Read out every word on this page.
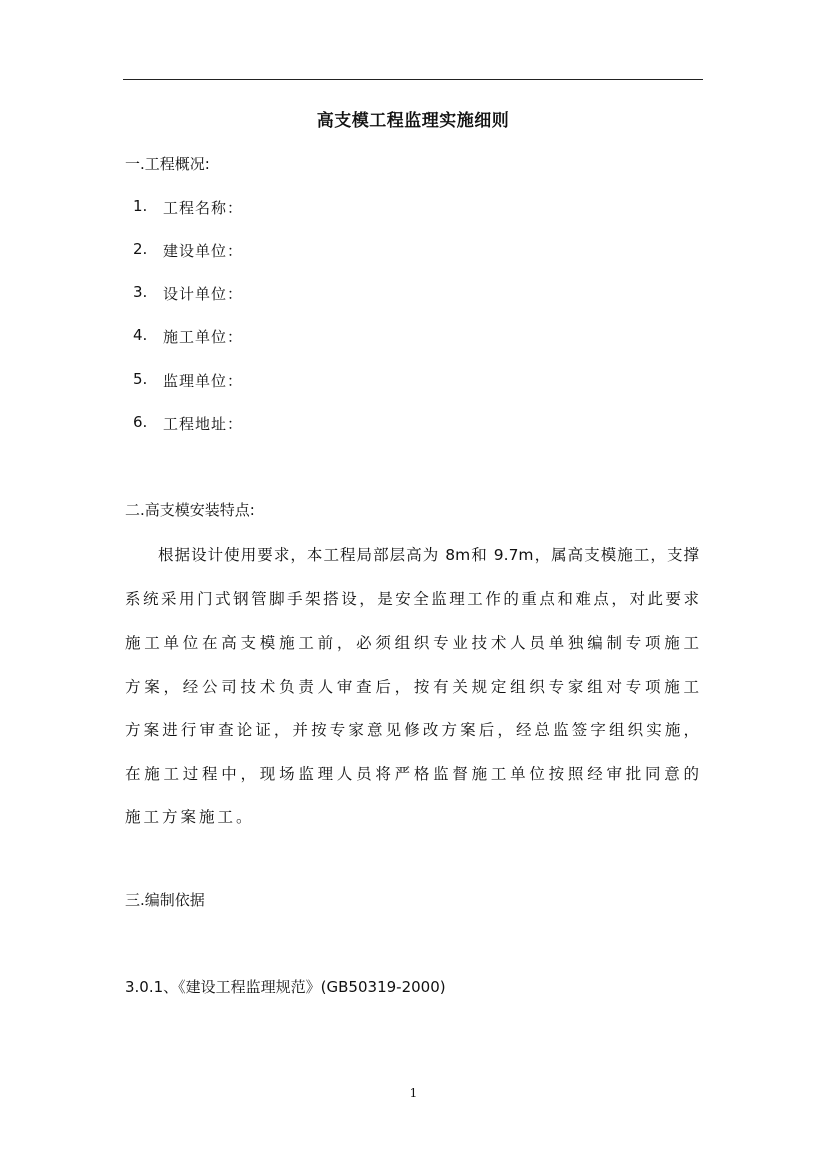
高支模工程监理实施细则
一.工程概况:
1.	工程名称：
2.	建设单位：
3.	设计单位：
4.	施工单位：
5.	监理单位：
6.	工程地址：
二.高支模安装特点:
根据设计使用要求，本工程局部层高为 8m和 9.7m，属高支模施工，支撑
系统采用门式钢管脚手架搭设，是安全监理工作的重点和难点，对此要求
施工单位在高支模施工前，必须组织专业技术人员单独编制专项施工
方案，经公司技术负责人审查后，按有关规定组织专家组对专项施工
方案进行审查论证，并按专家意见修改方案后，经总监签字组织实施，
在施工过程中，现场监理人员将严格监督施工单位按照经审批同意的
施工方案施工。
三.编制依据
3.0.1、《建设工程监理规范》(GB50319-2000)
1
